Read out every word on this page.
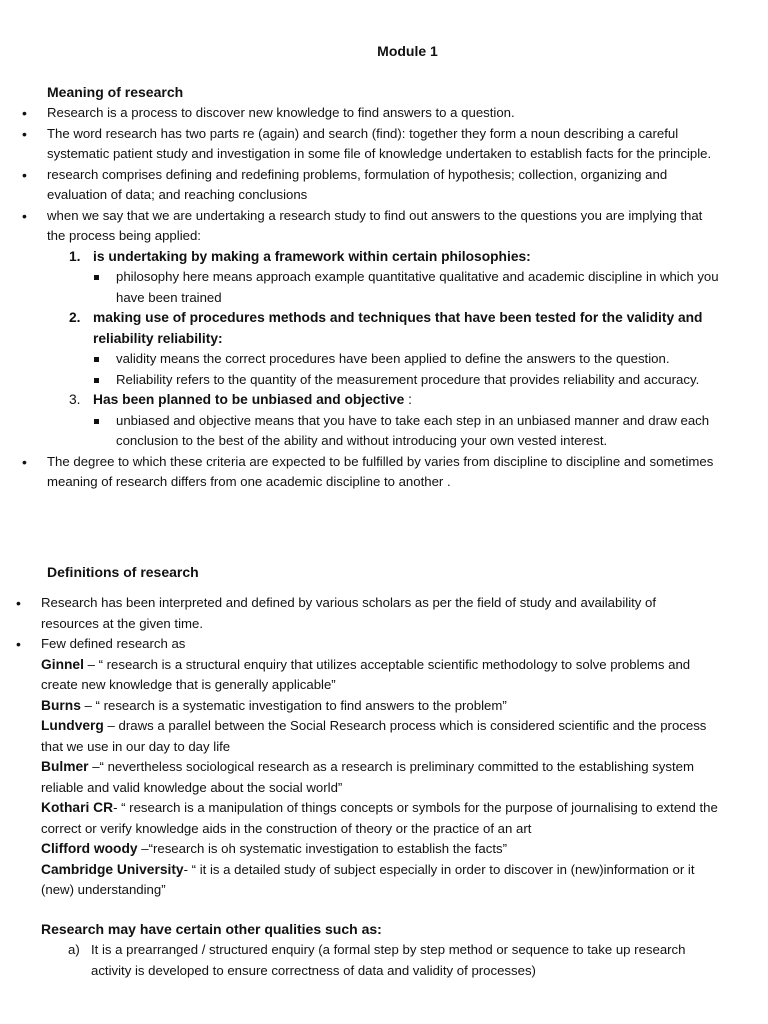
Module 1
Meaning of research
• Research is a process to discover new knowledge to find answers to a question.
• The word research has two parts re (again) and search (find): together they form a noun describing a careful systematic patient study and investigation in some file of knowledge undertaken to establish facts for the principle.
• research comprises defining and redefining problems, formulation of hypothesis; collection, organizing and evaluation of data; and reaching conclusions
• when we say that we are undertaking a research study to find out answers to the questions you are implying that the process being applied:
1. is undertaking by making a framework within certain philosophies:
philosophy here means approach example quantitative qualitative and academic discipline in which you have been trained
2. making use of procedures methods and techniques that have been tested for the validity and reliability reliability:
validity means the correct procedures have been applied to define the answers to the question.
Reliability refers to the quantity of the measurement procedure that provides reliability and accuracy.
3. Has been planned to be unbiased and objective :
unbiased and objective means that you have to take each step in an unbiased manner and draw each conclusion to the best of the ability and without introducing your own vested interest.
• The degree to which these criteria are expected to be fulfilled by varies from discipline to discipline and sometimes meaning of research differs from one academic discipline to another .
Definitions of research
• Research has been interpreted and defined by various scholars as per the field of study and availability of resources at the given time.
• Few defined research as
Ginnel – “ research is a structural enquiry that utilizes acceptable scientific methodology to solve problems and create new knowledge that is generally applicable”
Burns – “ research is a systematic investigation to find answers to the problem”
Lundverg – draws a parallel between the Social Research process which is considered scientific and the process that we use in our day to day life
Bulmer –“ nevertheless sociological research as a research is preliminary committed to the establishing system reliable and valid knowledge about the social world”
Kothari CR- “ research is a manipulation of things concepts or symbols for the purpose of journalising to extend the correct or verify knowledge aids in the construction of theory or the practice of an art
Clifford woody –“research is oh systematic investigation to establish the facts”
Cambridge University- “ it is a detailed study of subject especially in order to discover in (new)information or it (new) understanding”
Research may have certain other qualities such as:
a) It is a prearranged / structured enquiry (a formal step by step method or sequence to take up research activity is developed to ensure correctness of data and validity of processes)
